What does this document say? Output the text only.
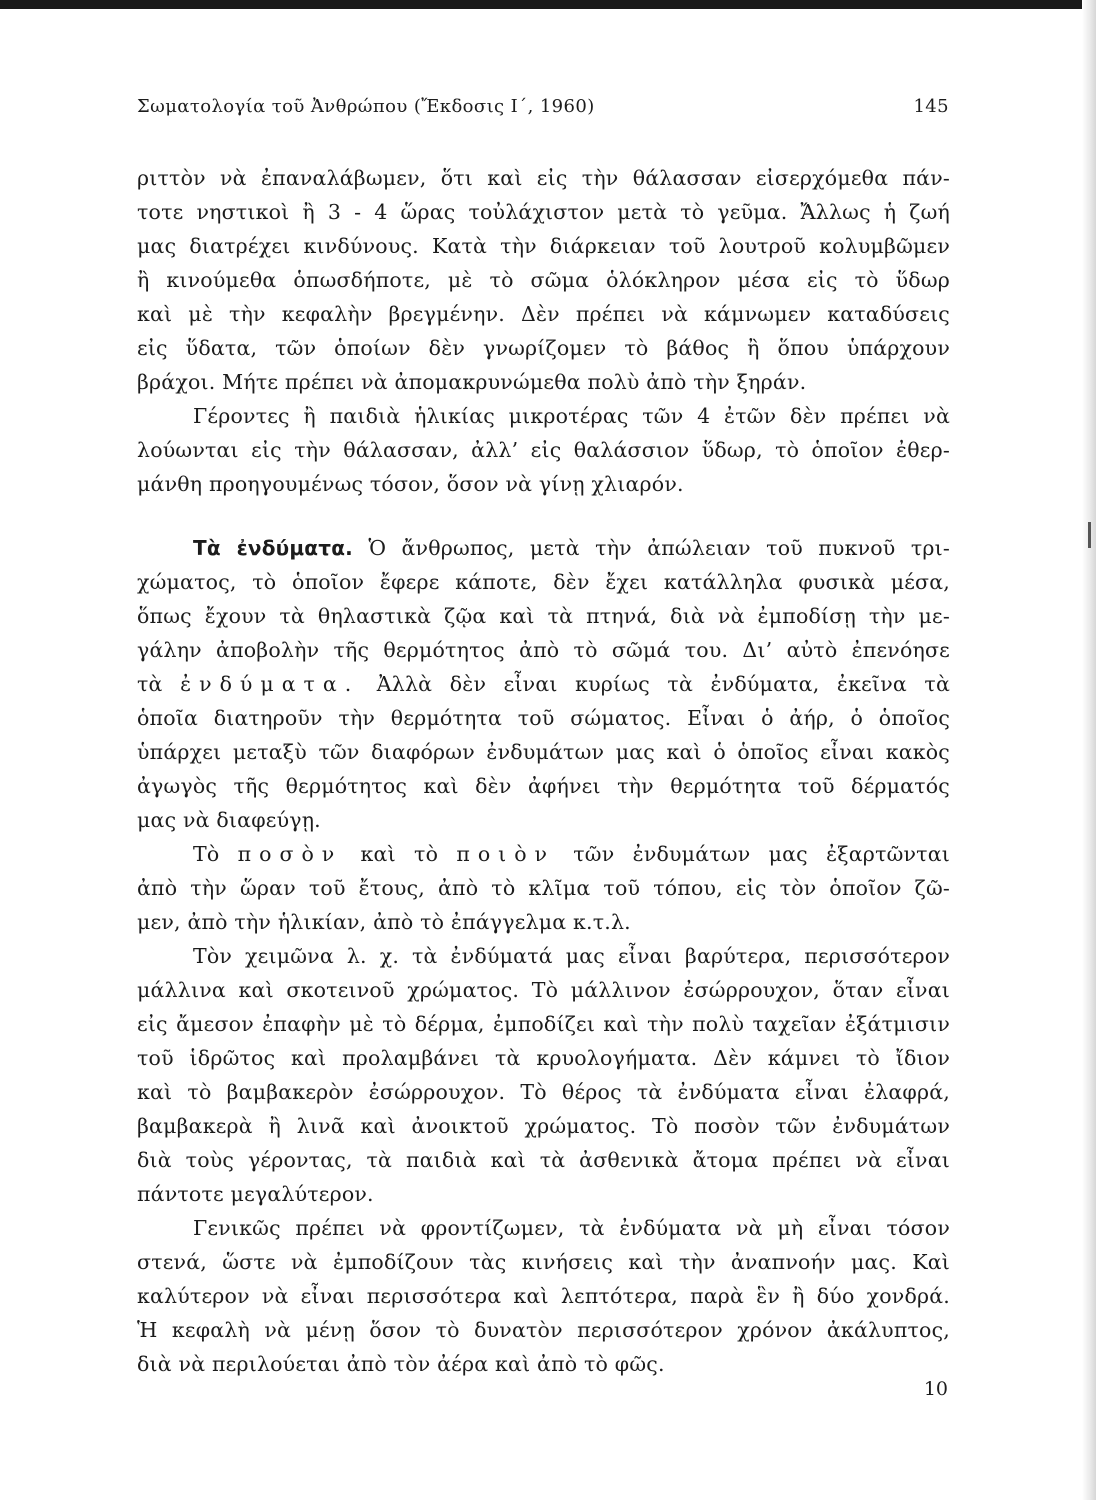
Σωματολογία τοῦ Ἀνθρώπου (Ἔκδοσις Ι΄, 1960)	145
ριττὸν νὰ ἐπαναλάβωμεν, ὅτι καὶ εἰς τὴν θάλασσαν εἰσερχόμεθα πάν-
τοτε νηστικοὶ ἢ 3 - 4 ὥρας τοὐλάχιστον μετὰ τὸ γεῦμα. Ἄλλως ἡ ζωή
μας διατρέχει κινδύνους. Κατὰ τὴν διάρκειαν τοῦ λουτροῦ κολυμβῶμεν
ἢ κινούμεθα ὁπωσδήποτε, μὲ τὸ σῶμα ὁλόκληρον μέσα εἰς τὸ ὕδωρ
καὶ μὲ τὴν κεφαλὴν βρεγμένην. Δὲν πρέπει νὰ κάμνωμεν καταδύσεις
εἰς ὕδατα, τῶν ὁποίων δὲν γνωρίζομεν τὸ βάθος ἢ ὅπου ὑπάρχουν
βράχοι. Μήτε πρέπει νὰ ἀπομακρυνώμεθα πολὺ ἀπὸ τὴν ξηράν.
Γέροντες ἢ παιδιὰ ἡλικίας μικροτέρας τῶν 4 ἐτῶν δὲν πρέπει νὰ
λούωνται εἰς τὴν θάλασσαν, ἀλλ’ εἰς θαλάσσιον ὕδωρ, τὸ ὁποῖον ἐθερ-
μάνθη προηγουμένως τόσον, ὅσον νὰ γίνῃ χλιαρόν.
Τὰ ἐνδύματα. Ὁ ἄνθρωπος, μετὰ τὴν ἀπώλειαν τοῦ πυκνοῦ τρι-
χώματος, τὸ ὁποῖον ἔφερε κάποτε, δὲν ἔχει κατάλληλα φυσικὰ μέσα,
ὅπως ἔχουν τὰ θηλαστικὰ ζῷα καὶ τὰ πτηνά, διὰ νὰ ἐμποδίσῃ τὴν με-
γάλην ἀποβολὴν τῆς θερμότητος ἀπὸ τὸ σῶμά του. Δι’ αὐτὸ ἐπενόησε
τὰ ἐνδύματα. Ἀλλὰ δὲν εἶναι κυρίως τὰ ἐνδύματα, ἐκεῖνα τὰ
ὁποῖα διατηροῦν τὴν θερμότητα τοῦ σώματος. Εἶναι ὁ ἀήρ, ὁ ὁποῖος
ὑπάρχει μεταξὺ τῶν διαφόρων ἐνδυμάτων μας καὶ ὁ ὁποῖος εἶναι κακὸς
ἀγωγὸς τῆς θερμότητος καὶ δὲν ἀφήνει τὴν θερμότητα τοῦ δέρματός
μας νὰ διαφεύγῃ.
Τὸ ποσὸν καὶ τὸ ποιὸν τῶν ἐνδυμάτων μας ἐξαρτῶνται
ἀπὸ τὴν ὥραν τοῦ ἔτους, ἀπὸ τὸ κλῖμα τοῦ τόπου, εἰς τὸν ὁποῖον ζῶ-
μεν, ἀπὸ τὴν ἡλικίαν, ἀπὸ τὸ ἐπάγγελμα κ.τ.λ.
Τὸν χειμῶνα λ. χ. τὰ ἐνδύματά μας εἶναι βαρύτερα, περισσότερον
μάλλινα καὶ σκοτεινοῦ χρώματος. Τὸ μάλλινον ἐσώρρουχον, ὅταν εἶναι
εἰς ἄμεσον ἐπαφὴν μὲ τὸ δέρμα, ἐμποδίζει καὶ τὴν πολὺ ταχεῖαν ἐξάτμισιν
τοῦ ἱδρῶτος καὶ προλαμβάνει τὰ κρυολογήματα. Δὲν κάμνει τὸ ἴδιον
καὶ τὸ βαμβακερὸν ἐσώρρουχον. Τὸ θέρος τὰ ἐνδύματα εἶναι ἐλαφρά,
βαμβακερὰ ἢ λινᾶ καὶ ἀνοικτοῦ χρώματος. Τὸ ποσὸν τῶν ἐνδυμάτων
διὰ τοὺς γέροντας, τὰ παιδιὰ καὶ τὰ ἀσθενικὰ ἄτομα πρέπει νὰ εἶναι
πάντοτε μεγαλύτερον.
Γενικῶς πρέπει νὰ φροντίζωμεν, τὰ ἐνδύματα νὰ μὴ εἶναι τόσον
στενά, ὥστε νὰ ἐμποδίζουν τὰς κινήσεις καὶ τὴν ἀναπνοήν μας. Καὶ
καλύτερον νὰ εἶναι περισσότερα καὶ λεπτότερα, παρὰ ἓν ἢ δύο χονδρά.
Ἡ κεφαλὴ νὰ μένῃ ὅσον τὸ δυνατὸν περισσότερον χρόνον ἀκάλυπτος,
διὰ νὰ περιλούεται ἀπὸ τὸν ἀέρα καὶ ἀπὸ τὸ φῶς.
10
